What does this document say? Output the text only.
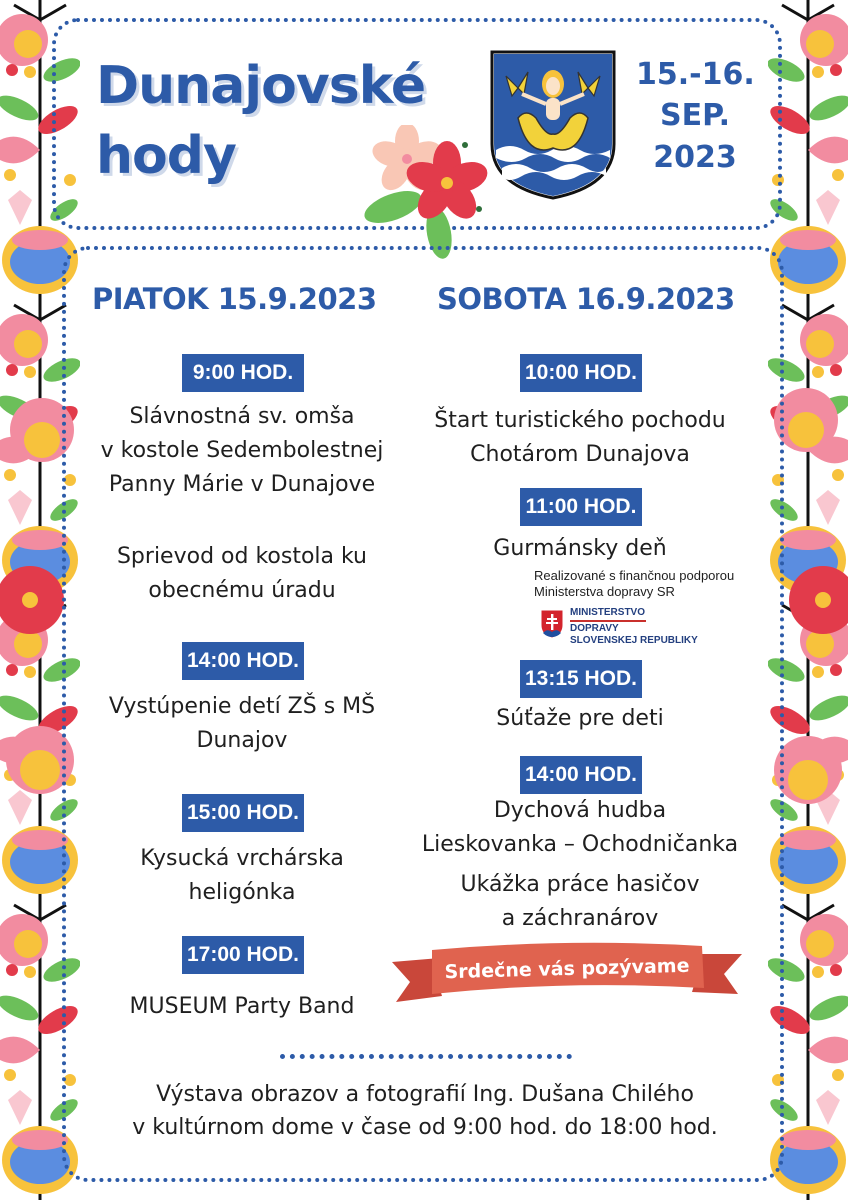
Dunajovské
hody
15.-16.
SEP.
2023
PIATOK 15.9.2023 SOBOTA 16.9.2023
9:00 HOD.
Slávnostná sv. omša
v kostole Sedembolestnej
Panny Márie v Dunajove
Sprievod od kostola ku
obecnému úradu
14:00 HOD.
Vystúpenie detí ZŠ s MŠ
Dunajov
15:00 HOD.
Kysucká vrchárska
heligónka
17:00 HOD.
MUSEUM Party Band
10:00 HOD.
Štart turistického pochodu
Chotárom Dunajova
11:00 HOD.
Gurmánsky deň
Realizované s finančnou podporou
Ministerstva dopravy SR
MINISTERSTVO
DOPRAVY
SLOVENSKEJ REPUBLIKY
13:15 HOD.
Súťaže pre deti
14:00 HOD.
Dychová hudba
Lieskovanka – Ochodničanka
Ukážka práce hasičov
a záchranárov
Srdečne vás pozývame
Výstava obrazov a fotografií Ing. Dušana Chilého
v kultúrnom dome v čase od 9:00 hod. do 18:00 hod.
